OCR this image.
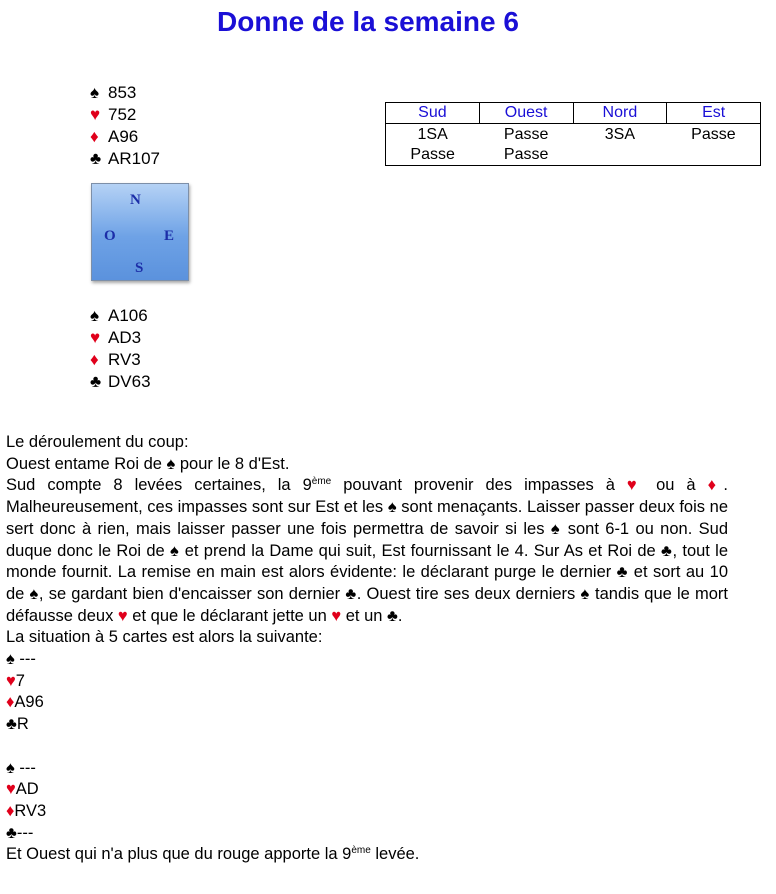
Donne de la semaine 6
♠ 853
♥ 752
♦ A96
♣ AR107
N
O	E
S
♠ A106
♥ AD3
♦ RV3
♣ DV63
Sud	Ouest	Nord	Est
1SA	Passe	3SA	Passe
Passe	Passe		

Le déroulement du coup:

Ouest entame Roi de ♠ pour le 8 d'Est.

Sud compte 8 levées certaines, la 9ème pouvant provenir des impasses à ♥ ou à ♦.

Malheureusement, ces impasses sont sur Est et les ♠ sont menaçants. Laisser passer deux fois ne sert donc à rien, mais laisser passer une fois permettra de savoir si les ♠ sont 6-1 ou non. Sud duque donc le Roi de ♠ et prend la Dame qui suit, Est fournissant le 4. Sur As et Roi de ♣, tout le monde fournit. La remise en main est alors évidente: le déclarant purge le dernier ♣ et sort au 10 de ♠, se gardant bien d'encaisser son dernier ♣. Ouest tire ses deux derniers ♠ tandis que le mort défausse deux ♥ et que le déclarant jette un ♥ et un ♣.

La situation à 5 cartes est alors la suivante:

♠ ---
♥7
♦A96
♣R
♠ ---
♥AD
♦RV3
♣---

Et Ouest qui n'a plus que du rouge apporte la 9ème levée.
